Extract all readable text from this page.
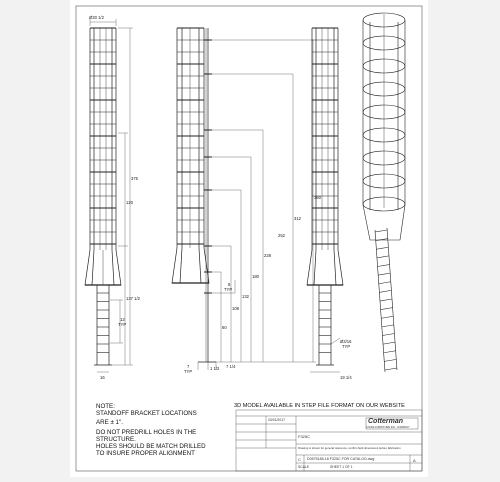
Ø30 1/2
375
120
137 1/2
12
TYP
16
360
312
252
228
180
132
108
60
8
TYP
7
TYP
1 1/2 7 1/4
Ø3/16
TYP
19 1/4
NOTE:
STANDOFF BRACKET LOCATIONS
ARE ± 1".
DO NOT PREDRILL HOLES IN THE
STRUCTURE.
HOLES SHOULD BE MATCH DRILLED
TO INSURE PROPER ALIGNMENT
3D MODEL AVAILABLE IN STEP FILE FORMAT ON OUR WEBSITE
Cotterman
A NIKE FURNITURE INC. COMPANY
F325C
Drawing is shown for general reference; confirm field dimensions before fabrication
C D0575185-18 F325C FOR CATALOG.dwg	A
SHEET 1 OF 1
SCALE
03/01/2017
